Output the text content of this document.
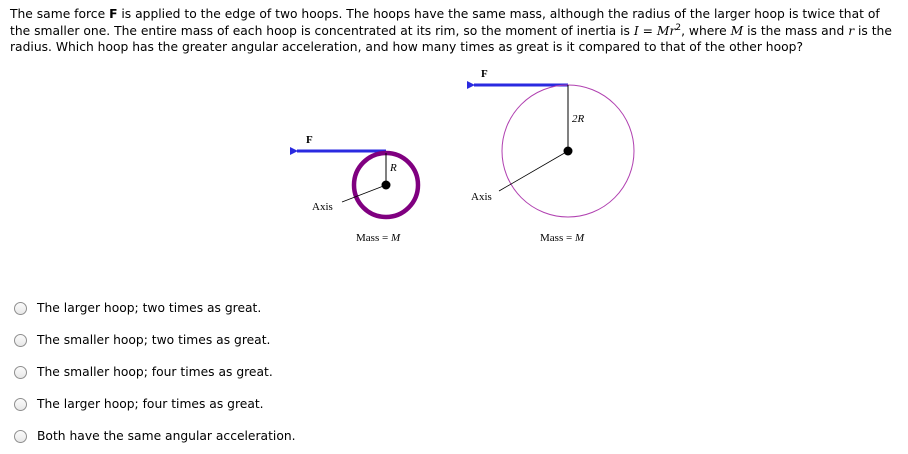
The same force F is applied to the edge of two hoops. The hoops have the same mass, although the radius of the larger hoop is twice that of the smaller one. The entire mass of each hoop is concentrated at its rim, so the moment of inertia is $I = Mr^2$, where M is the mass and r is the radius. Which hoop has the greater angular acceleration, and how many times as great is it compared to that of the other hoop?
F
R
Axis
Mass = M
F
2R
Axis
Mass = M
The larger hoop; two times as great.
The smaller hoop; two times as great.
The smaller hoop; four times as great.
The larger hoop; four times as great.
Both have the same angular acceleration.
